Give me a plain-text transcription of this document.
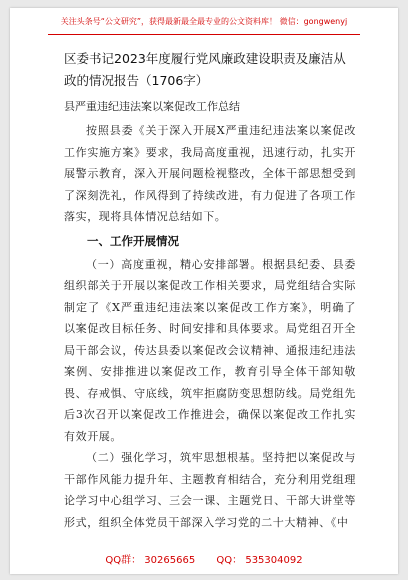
关注头条号“公文研究”，获得最新最全最专业的公文资料库！ 微信：gongwenyj
区委书记2023年度履行党风廉政建设职责及廉洁从政的情况报告（1706字）
县严重违纪违法案以案促改工作总结

按照县委《关于深入开展X严重违纪违法案以案促改工作实施方案》要求，我局高度重视，迅速行动，扎实开展警示教育，深入开展问题检视整改，全体干部思想受到了深刻洗礼，作风得到了持续改进，有力促进了各项工作落实，现将具体情况总结如下。

一、工作开展情况

（一）高度重视，精心安排部署。根据县纪委、县委组织部关于开展以案促改工作相关要求，局党组结合实际制定了《X严重违纪违法案以案促改工作方案》，明确了以案促改目标任务、时间安排和具体要求。局党组召开全局干部会议，传达县委以案促改会议精神、通报违纪违法案例、安排推进以案促改工作，教育引导全体干部知敬畏、存戒惧、守底线，筑牢拒腐防变思想防线。局党组先后3次召开以案促改工作推进会，确保以案促改工作扎实有效开展。

（二）强化学习，筑牢思想根基。坚持把以案促改与干部作风能力提升年、主题教育相结合，充分利用党组理论学习中心组学习、三会一课、主题党日、干部大讲堂等形式，组织全体党员干部深入学习党的二十大精神、《中

QQ群： 30265665 QQ： 535304092
